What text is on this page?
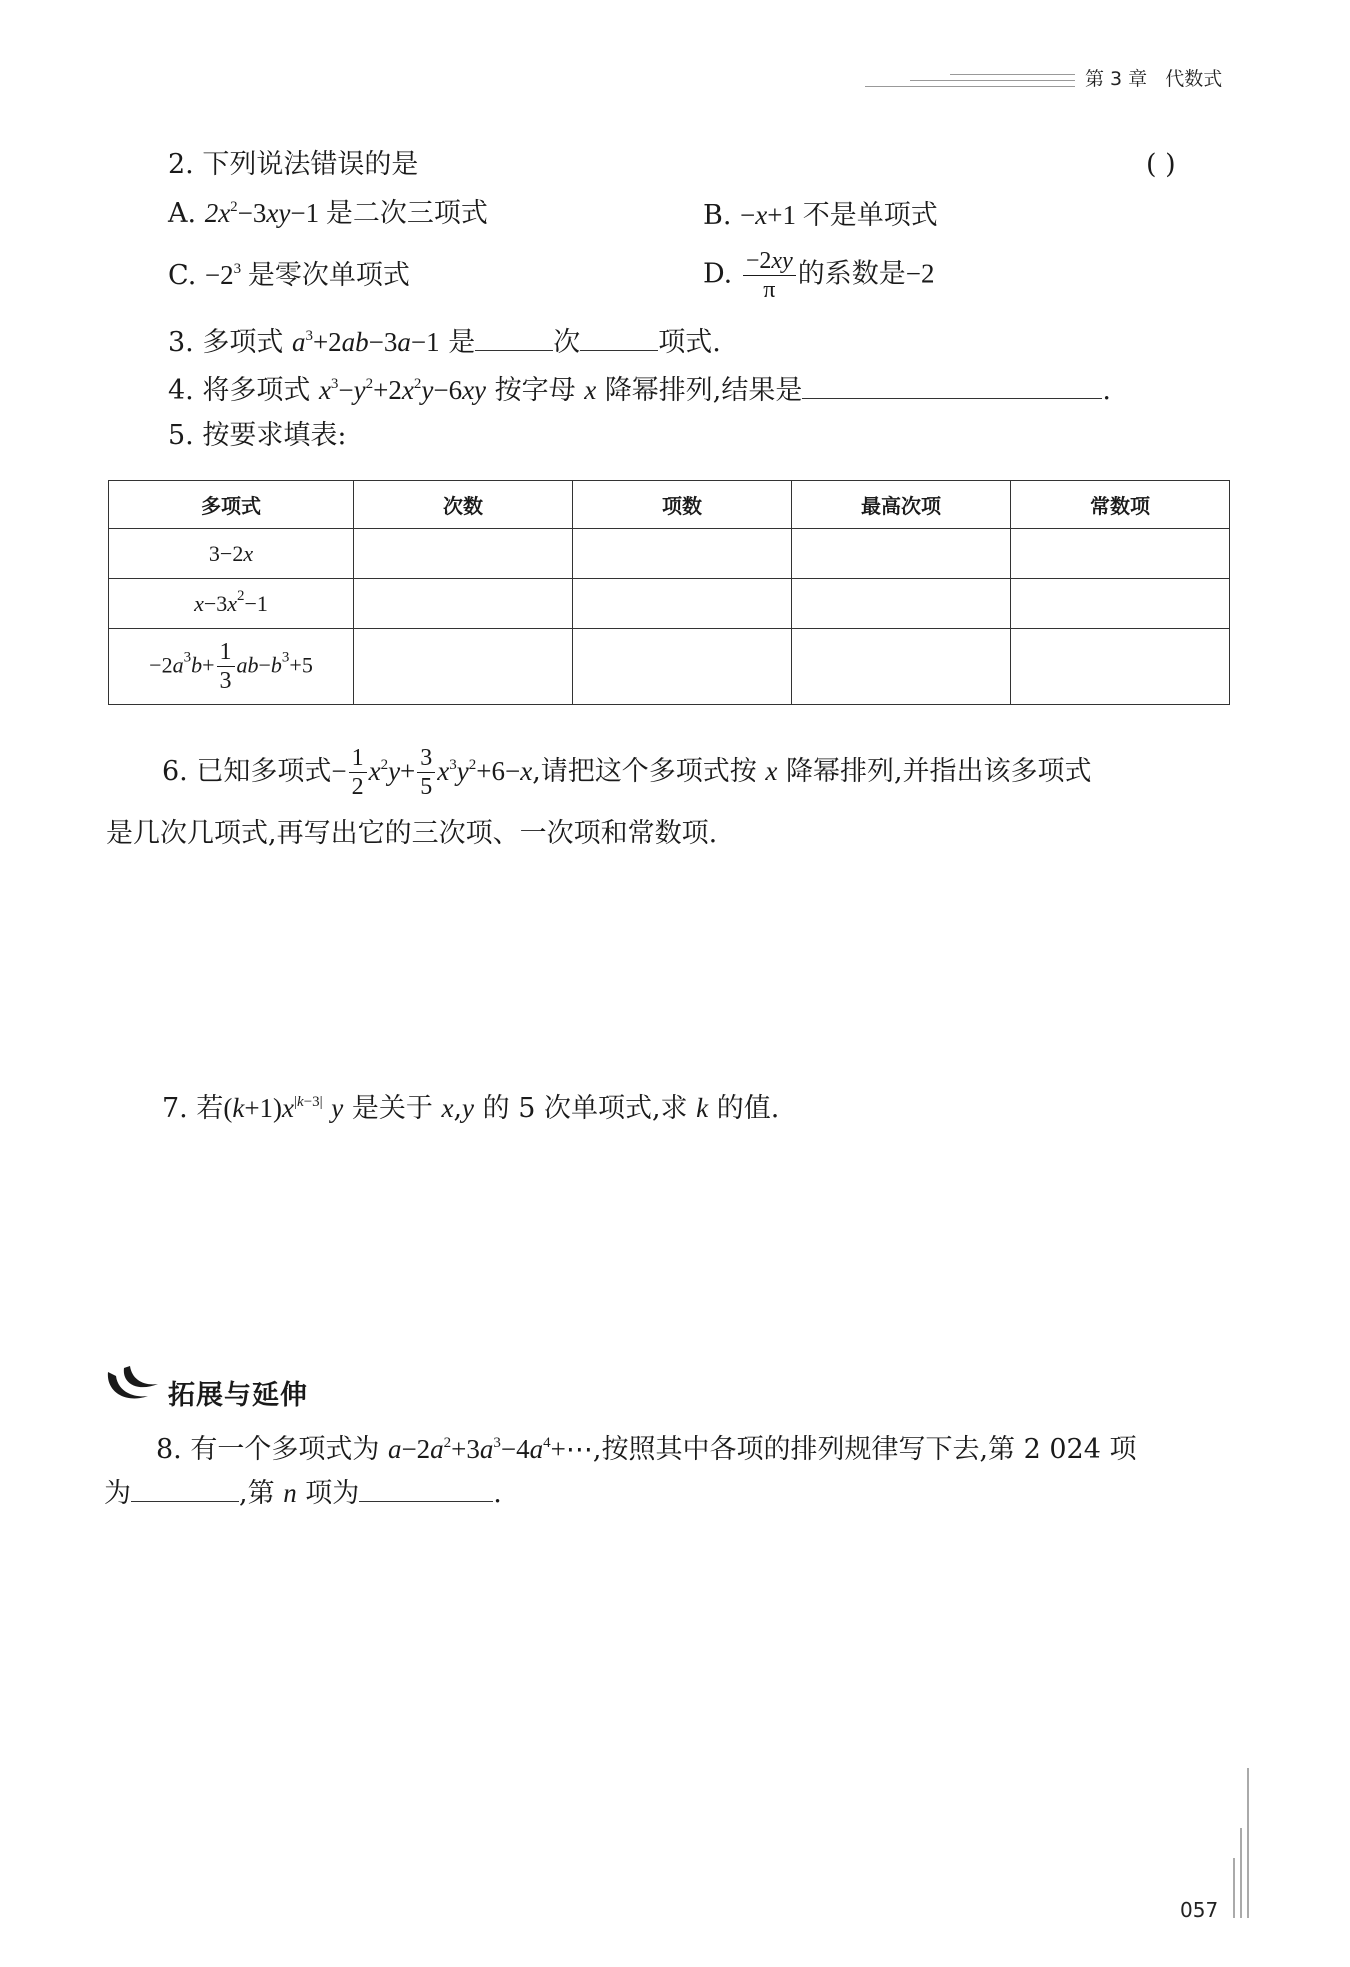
第 3 章 代数式
2. 下列说法错误的是	( )
A. $2x^2-3xy-1$ 是二次三项式	B. −x+1 不是单项式
C. $-2^3$ 是零次单项式	D. $\frac{-2xy}{\pi}$ 的系数是−2
3. 多项式 $a^3+2ab-3a-1$ 是	次	项式.
4. 将多项式 $x^3-y^2+2x^2y-6xy$ 按字母 x 降幂排列,结果是	.
5. 按要求填表:
多项式	次数	项数	最高次项	常数项
3−2x				
$x-3x^2-1$				
$-2a^3b+ \frac{1}{3} ab-b^3+5$				
6. 已知多项式− $\frac{1}{2} x^2y+ \frac{3}{5} x^3y^2+6-x$,请把这个多项式按 x 降幂排列,并指出该多项式
是几次几项式,再写出它的三次项、一次项和常数项.
7. 若$(k+1)x^{|k-3|}$ y 是关于 x,y 的 5 次单项式,求 k 的值.
拓展与延伸
8. 有一个多项式为 $a-2a^2+3a^3-4a^4+\cdots$,按照其中各项的排列规律写下去,第 2 024 项
为	,第 n 项为	.
057
